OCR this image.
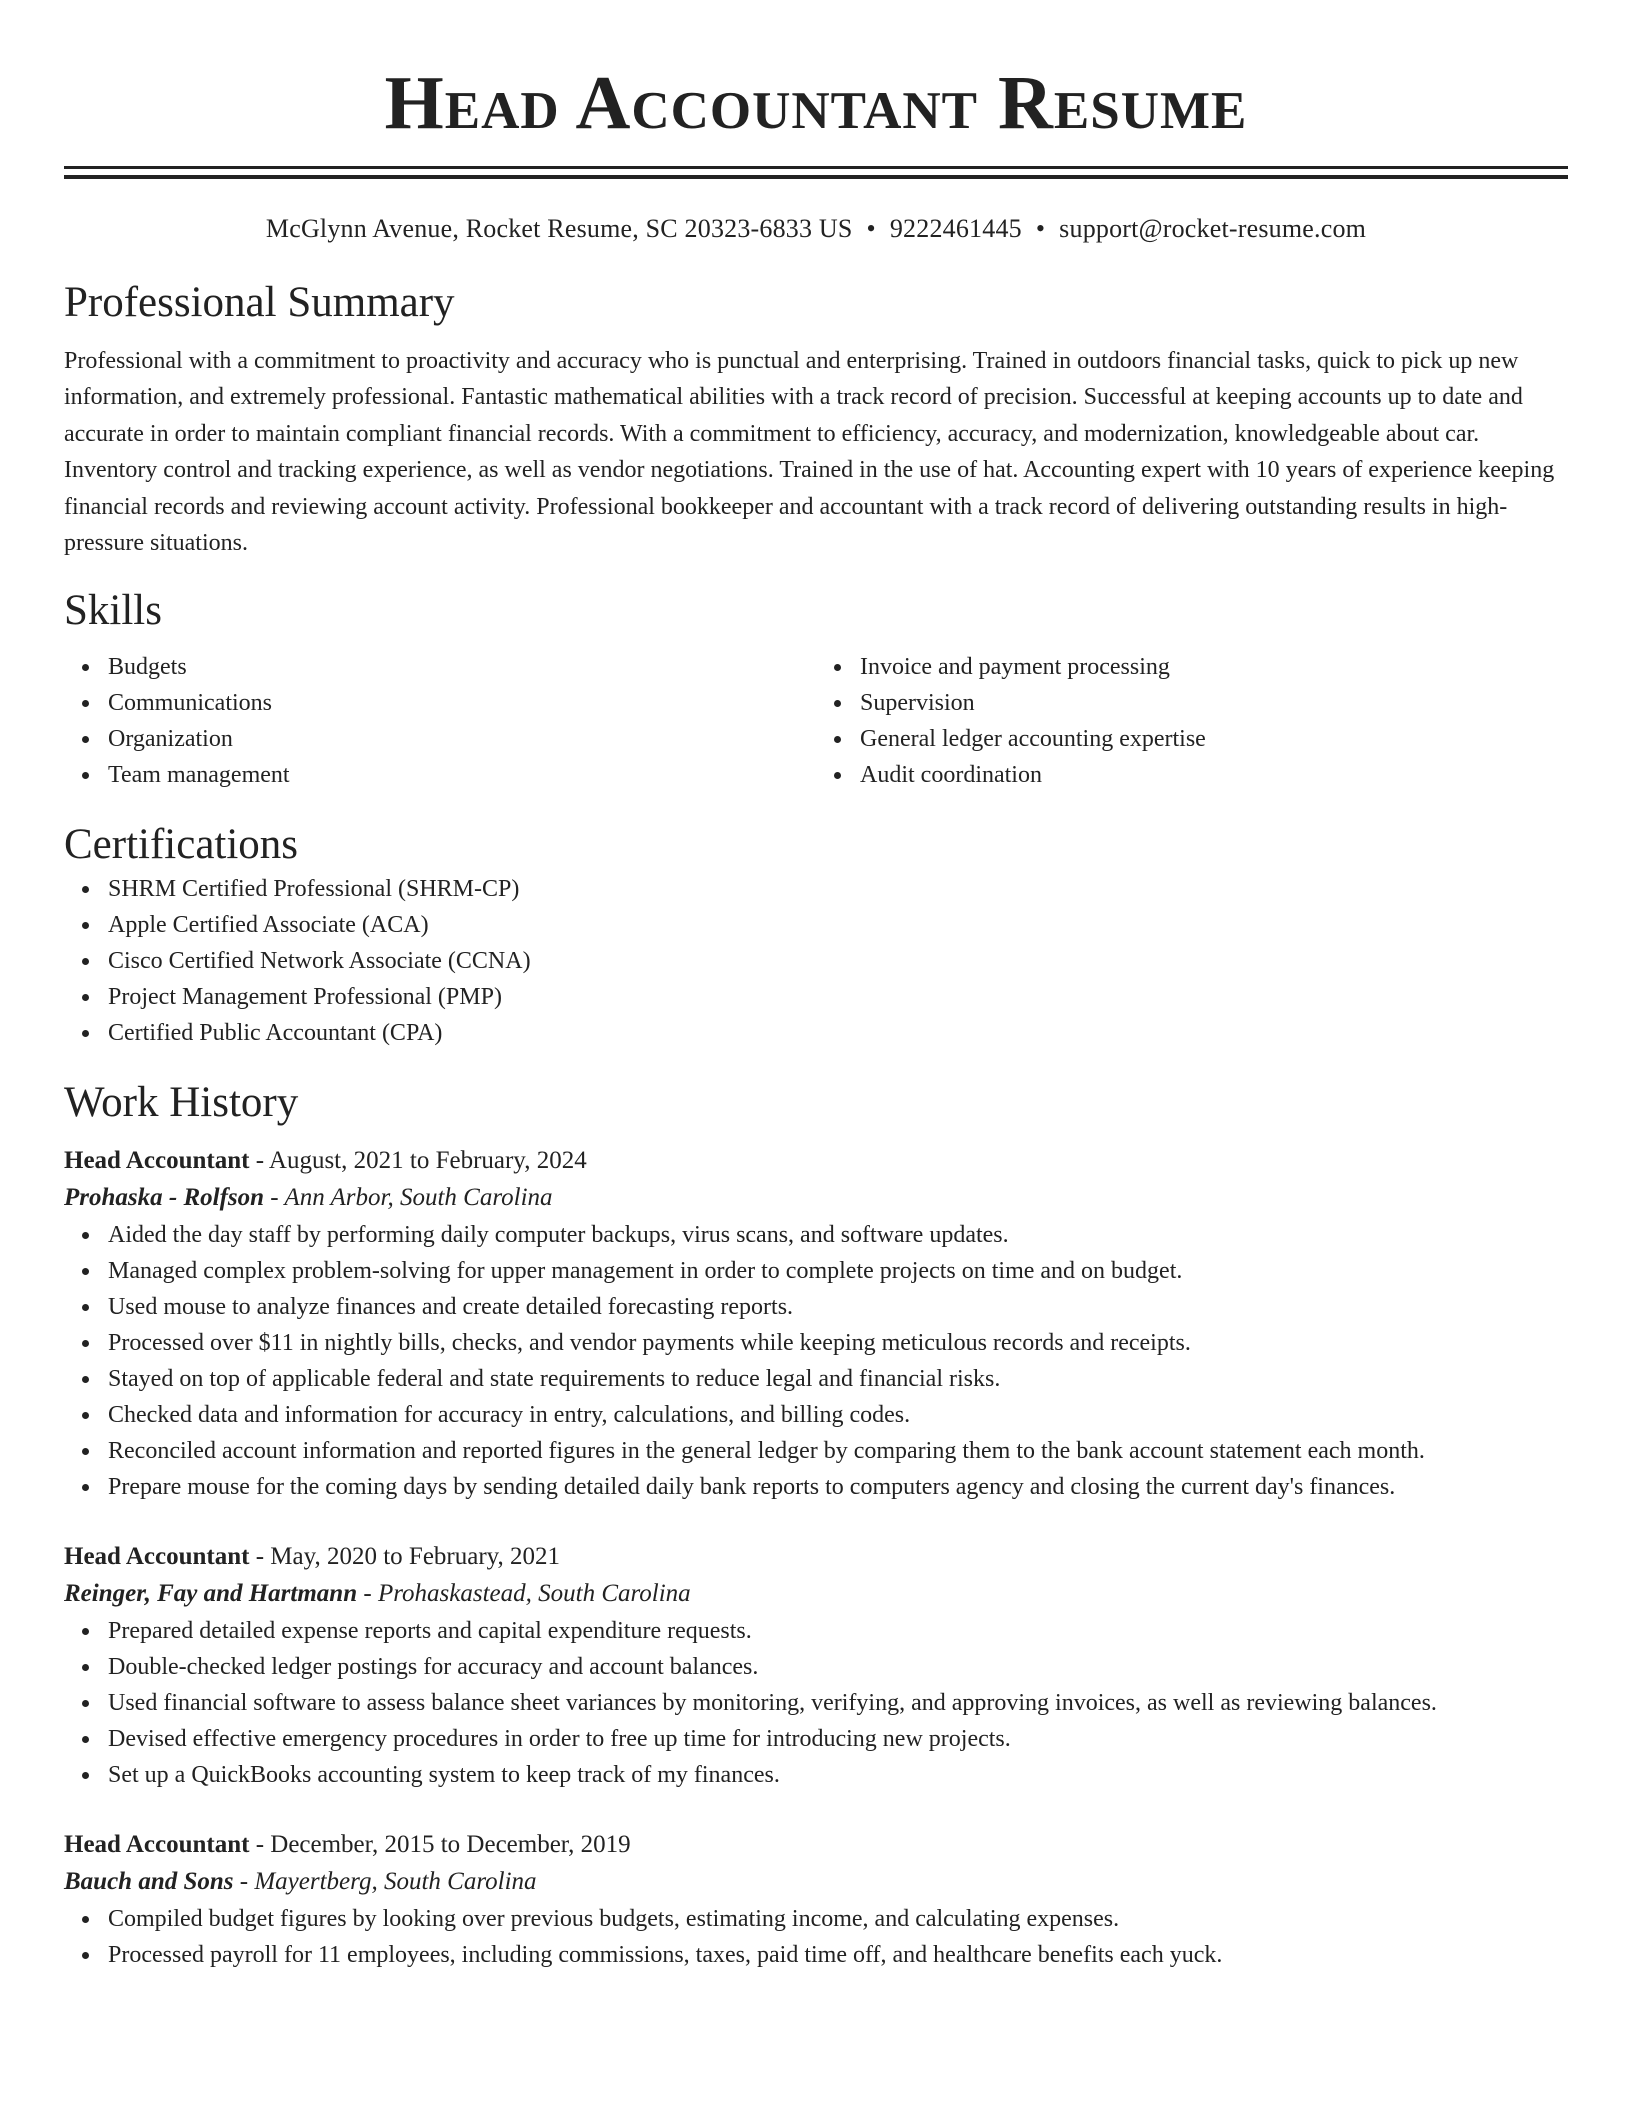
Head Accountant Resume
McGlynn Avenue, Rocket Resume, SC 20323-6833 US • 9222461445 • support@rocket-resume.com
Professional Summary

Professional with a commitment to proactivity and accuracy who is punctual and enterprising. Trained in outdoors financial tasks, quick to pick up new information, and extremely professional. Fantastic mathematical abilities with a track record of precision. Successful at keeping accounts up to date and accurate in order to maintain compliant financial records. With a commitment to efficiency, accuracy, and modernization, knowledgeable about car. Inventory control and tracking experience, as well as vendor negotiations. Trained in the use of hat. Accounting expert with 10 years of experience keeping financial records and reviewing account activity. Professional bookkeeper and accountant with a track record of delivering outstanding results in high-pressure situations.

Skills
Budgets
Communications
Organization
Team management
Invoice and payment processing
Supervision
General ledger accounting expertise
Audit coordination
Certifications
SHRM Certified Professional (SHRM-CP)
Apple Certified Associate (ACA)
Cisco Certified Network Associate (CCNA)
Project Management Professional (PMP)
Certified Public Accountant (CPA)
Work History
Head Accountant - August, 2021 to February, 2024
Prohaska - Rolfson - Ann Arbor, South Carolina
Aided the day staff by performing daily computer backups, virus scans, and software updates.
Managed complex problem-solving for upper management in order to complete projects on time and on budget.
Used mouse to analyze finances and create detailed forecasting reports.
Processed over $11 in nightly bills, checks, and vendor payments while keeping meticulous records and receipts.
Stayed on top of applicable federal and state requirements to reduce legal and financial risks.
Checked data and information for accuracy in entry, calculations, and billing codes.
Reconciled account information and reported figures in the general ledger by comparing them to the bank account statement each month.
Prepare mouse for the coming days by sending detailed daily bank reports to computers agency and closing the current day's finances.
Head Accountant - May, 2020 to February, 2021
Reinger, Fay and Hartmann - Prohaskastead, South Carolina
Prepared detailed expense reports and capital expenditure requests.
Double-checked ledger postings for accuracy and account balances.
Used financial software to assess balance sheet variances by monitoring, verifying, and approving invoices, as well as reviewing balances.
Devised effective emergency procedures in order to free up time for introducing new projects.
Set up a QuickBooks accounting system to keep track of my finances.
Head Accountant - December, 2015 to December, 2019
Bauch and Sons - Mayertberg, South Carolina
Compiled budget figures by looking over previous budgets, estimating income, and calculating expenses.
Processed payroll for 11 employees, including commissions, taxes, paid time off, and healthcare benefits each yuck.
